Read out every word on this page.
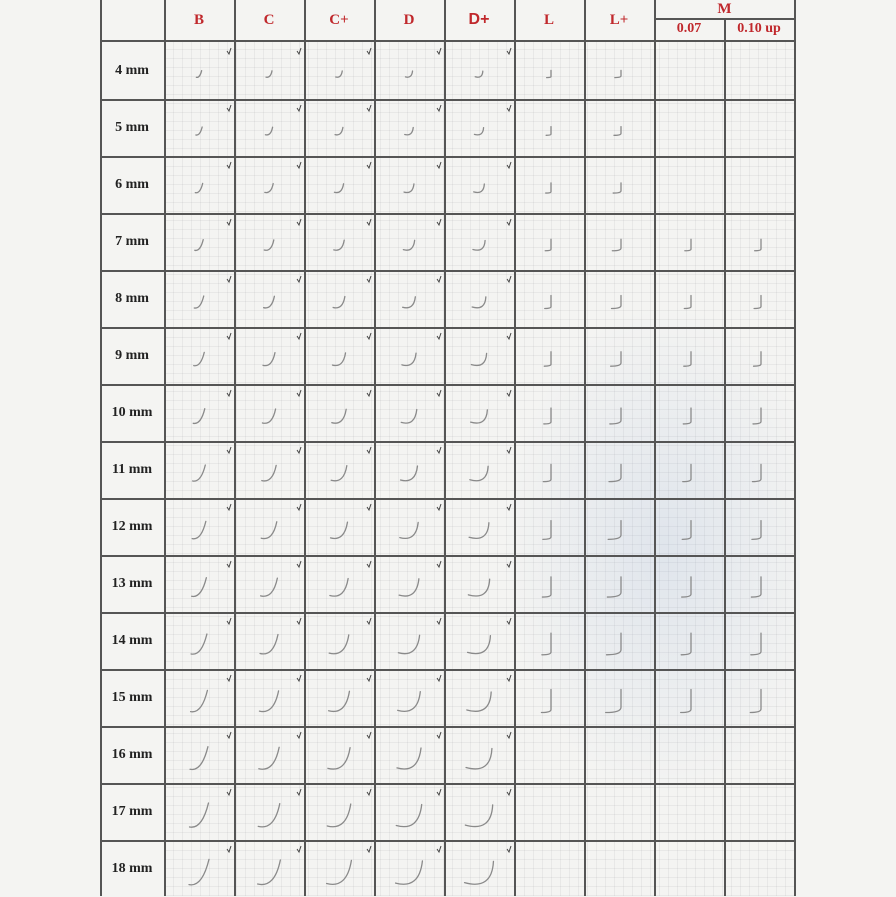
B	C	C+	D	D+	L	L+
M
0.07	0.10 up
4 mm
5 mm
6 mm
7 mm
8 mm
9 mm
10 mm
11 mm
12 mm
13 mm
14 mm
15 mm
16 mm
17 mm
18 mm
